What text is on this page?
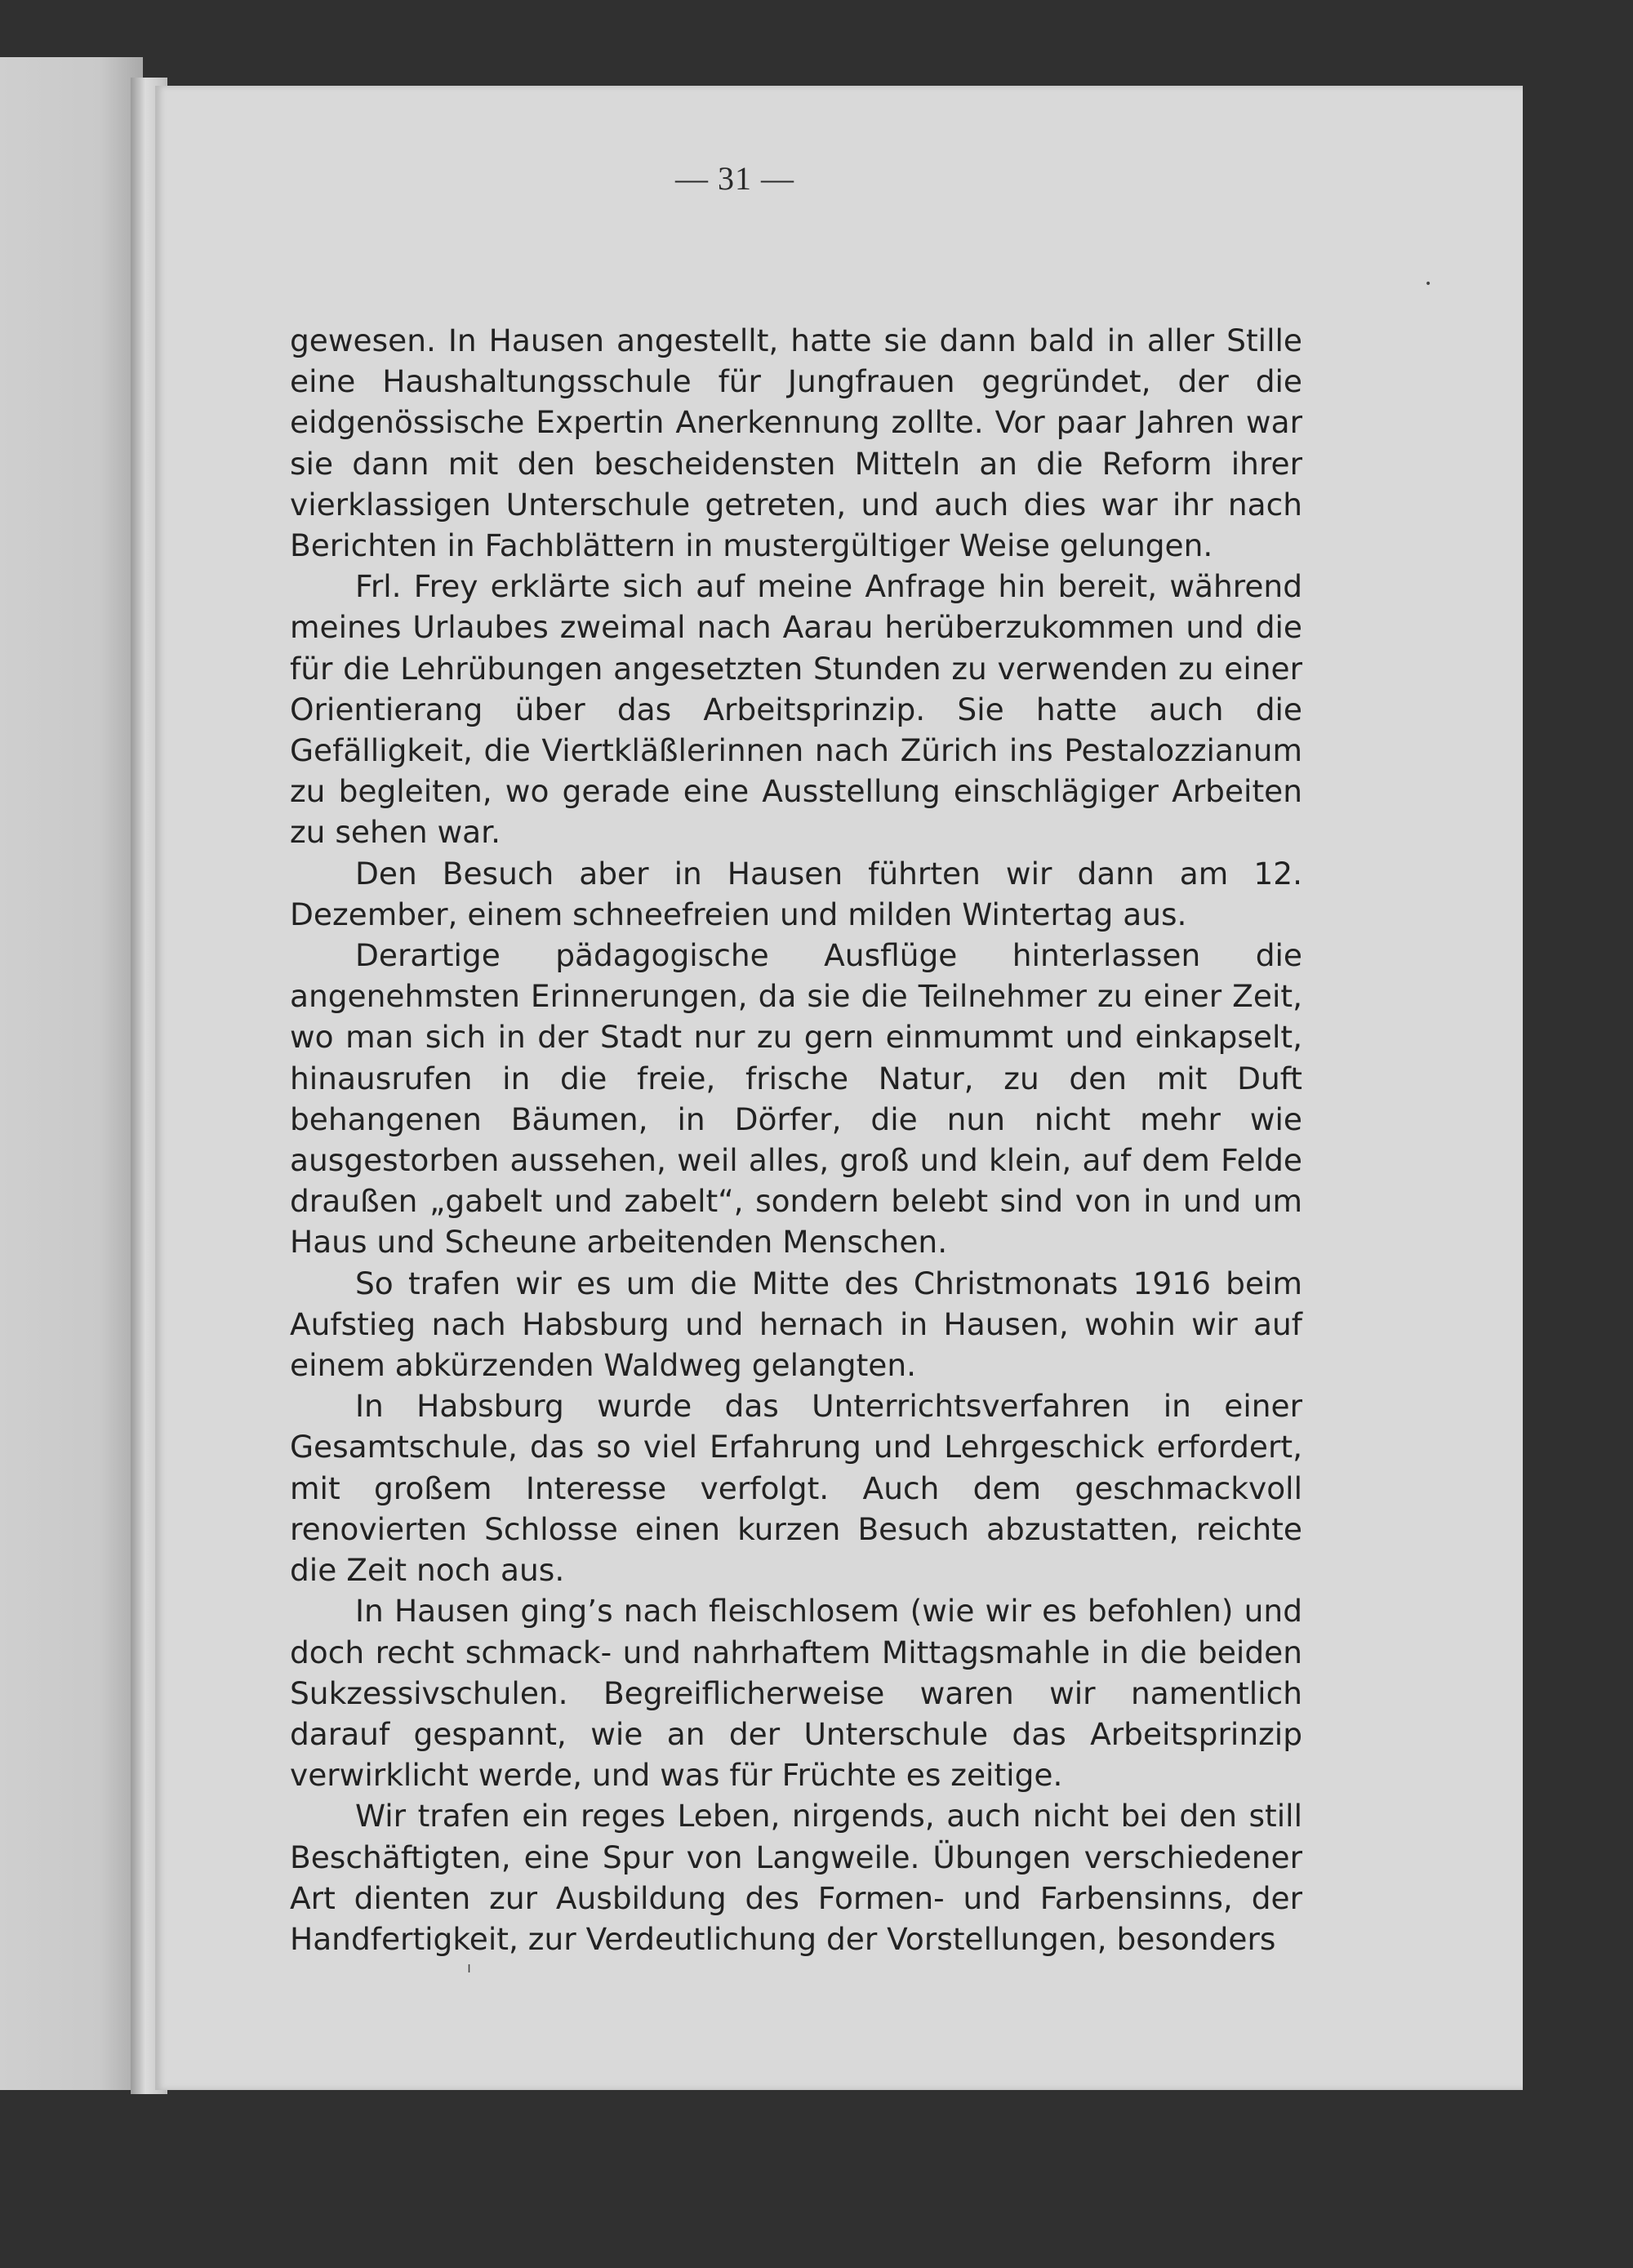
— 31 —

gewesen. In Hausen angestellt, hatte sie dann bald in aller Stille eine Haushaltungsschule für Jungfrauen gegründet, der die eidgenössische Expertin Anerkennung zollte. Vor paar Jahren war sie dann mit den bescheidensten Mitteln an die Reform ihrer vierklassigen Unterschule getreten, und auch dies war ihr nach Berichten in Fachblättern in mustergültiger Weise gelungen.

Frl. Frey erklärte sich auf meine Anfrage hin bereit, während meines Urlaubes zweimal nach Aarau herüberzukommen und die für die Lehrübungen angesetzten Stunden zu verwenden zu einer Orientierang über das Arbeitsprinzip. Sie hatte auch die Gefälligkeit, die Viertkläßlerinnen nach Zürich ins Pestalozzianum zu begleiten, wo gerade eine Ausstellung einschlägiger Arbeiten zu sehen war.

Den Besuch aber in Hausen führten wir dann am 12. Dezember, einem schneefreien und milden Wintertag aus.

Derartige pädagogische Ausflüge hinterlassen die angenehmsten Erinnerungen, da sie die Teilnehmer zu einer Zeit, wo man sich in der Stadt nur zu gern einmummt und einkapselt, hinausrufen in die freie, frische Natur, zu den mit Duft behangenen Bäumen, in Dörfer, die nun nicht mehr wie ausgestorben aussehen, weil alles, groß und klein, auf dem Felde draußen „gabelt und zabelt“, sondern belebt sind von in und um Haus und Scheune arbeitenden Menschen.

So trafen wir es um die Mitte des Christmonats 1916 beim Aufstieg nach Habsburg und hernach in Hausen, wohin wir auf einem abkürzenden Waldweg gelangten.

In Habsburg wurde das Unterrichtsverfahren in einer Gesamtschule, das so viel Erfahrung und Lehrgeschick erfordert, mit großem Interesse verfolgt. Auch dem geschmackvoll renovierten Schlosse einen kurzen Besuch abzustatten, reichte die Zeit noch aus.

In Hausen ging’s nach fleischlosem (wie wir es befohlen) und doch recht schmack- und nahrhaftem Mittagsmahle in die beiden Sukzessivschulen. Begreiflicherweise waren wir namentlich darauf gespannt, wie an der Unterschule das Arbeitsprinzip verwirklicht werde, und was für Früchte es zeitige.

Wir trafen ein reges Leben, nirgends, auch nicht bei den still Beschäftigten, eine Spur von Langweile. Übungen verschiedener Art dienten zur Ausbildung des Formen- und Farbensinns, der Handfertigkeit, zur Verdeutlichung der Vorstellungen, besonders

ı
•
